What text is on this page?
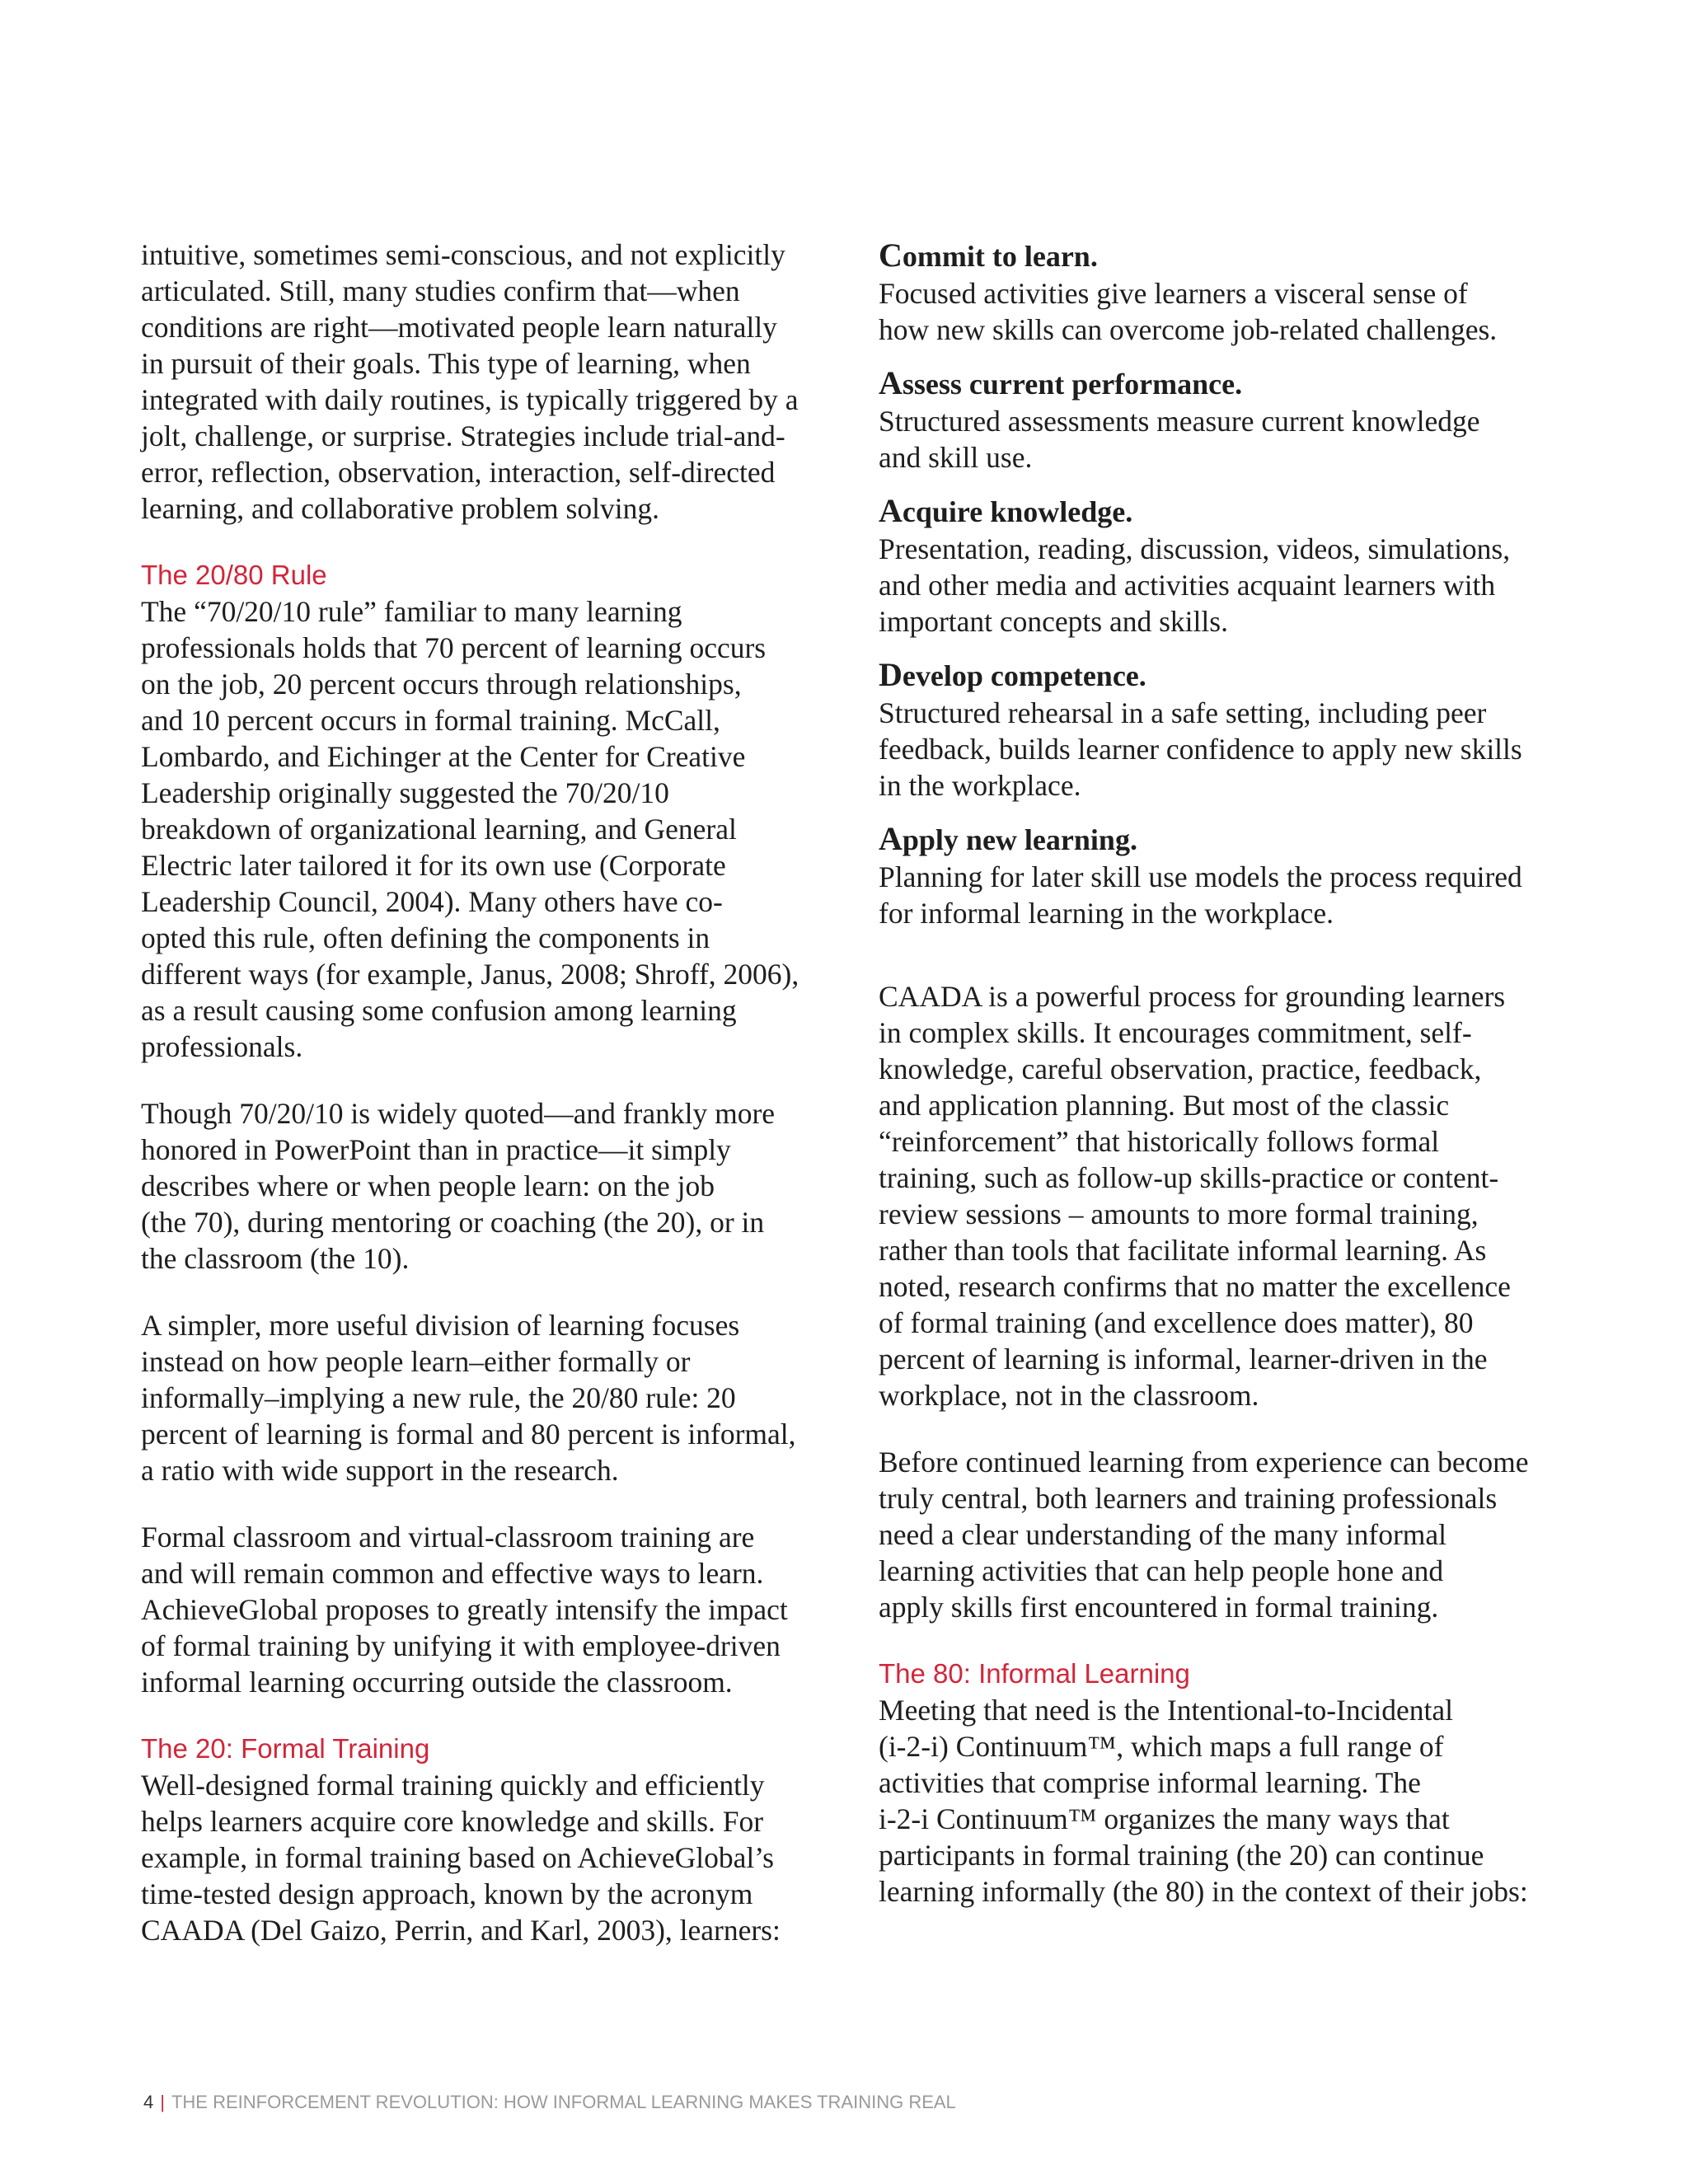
intuitive, sometimes semi-conscious, and not explicitly
articulated. Still, many studies confirm that—when
conditions are right—motivated people learn naturally
in pursuit of their goals. This type of learning, when
integrated with daily routines, is typically triggered by a
jolt, challenge, or surprise. Strategies include trial-and-
error, reflection, observation, interaction, self-directed
learning, and collaborative problem solving.

The 20/80 Rule

The “70/20/10 rule” familiar to many learning
professionals holds that 70 percent of learning occurs
on the job, 20 percent occurs through relationships,
and 10 percent occurs in formal training. McCall,
Lombardo, and Eichinger at the Center for Creative
Leadership originally suggested the 70/20/10
breakdown of organizational learning, and General
Electric later tailored it for its own use (Corporate
Leadership Council, 2004). Many others have co-
opted this rule, often defining the components in
different ways (for example, Janus, 2008; Shroff, 2006),
as a result causing some confusion among learning
professionals.

Though 70/20/10 is widely quoted—and frankly more
honored in PowerPoint than in practice—it simply
describes where or when people learn: on the job
(the 70), during mentoring or coaching (the 20), or in
the classroom (the 10).

A simpler, more useful division of learning focuses
instead on how people learn–either formally or
informally–implying a new rule, the 20/80 rule: 20
percent of learning is formal and 80 percent is informal,
a ratio with wide support in the research.

Formal classroom and virtual-classroom training are
and will remain common and effective ways to learn.
AchieveGlobal proposes to greatly intensify the impact
of formal training by unifying it with employee-driven
informal learning occurring outside the classroom.

The 20: Formal Training

Well-designed formal training quickly and efficiently
helps learners acquire core knowledge and skills. For
example, in formal training based on AchieveGlobal’s
time-tested design approach, known by the acronym
CAADA (Del Gaizo, Perrin, and Karl, 2003), learners:

Commit to learn.

Focused activities give learners a visceral sense of
how new skills can overcome job-related challenges.

Assess current performance.

Structured assessments measure current knowledge
and skill use.

Acquire knowledge.

Presentation, reading, discussion, videos, simulations,
and other media and activities acquaint learners with
important concepts and skills.

Develop competence.

Structured rehearsal in a safe setting, including peer
feedback, builds learner confidence to apply new skills
in the workplace.

Apply new learning.

Planning for later skill use models the process required
for informal learning in the workplace.

CAADA is a powerful process for grounding learners
in complex skills. It encourages commitment, self-
knowledge, careful observation, practice, feedback,
and application planning. But most of the classic
“reinforcement” that historically follows formal
training, such as follow-up skills-practice or content-
review sessions – amounts to more formal training,
rather than tools that facilitate informal learning. As
noted, research confirms that no matter the excellence
of formal training (and excellence does matter), 80
percent of learning is informal, learner-driven in the
workplace, not in the classroom.

Before continued learning from experience can become
truly central, both learners and training professionals
need a clear understanding of the many informal
learning activities that can help people hone and
apply skills first encountered in formal training.

The 80: Informal Learning

Meeting that need is the Intentional-to-Incidental
(i-2-i) Continuum™, which maps a full range of
activities that comprise informal learning. The
i-2-i Continuum™ organizes the many ways that
participants in formal training (the 20) can continue
learning informally (the 80) in the context of their jobs:

4 | THE REINFORCEMENT REVOLUTION: HOW INFORMAL LEARNING MAKES TRAINING REAL
